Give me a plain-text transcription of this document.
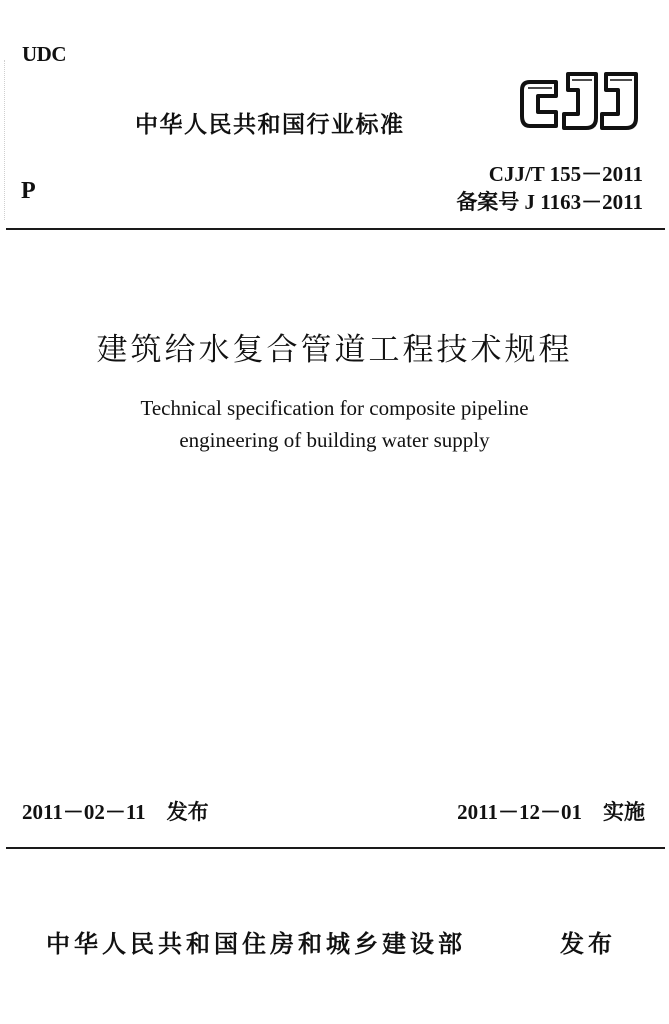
UDC
中华人民共和国行业标准
P
CJJ/T 155－2011
备案号 J 1163－2011
建筑给水复合管道工程技术规程
Technical specification for composite pipeline
engineering of building water supply
2011－02－11　发布	2011－12－01　实施
中华人民共和国住房和城乡建设部	发布
